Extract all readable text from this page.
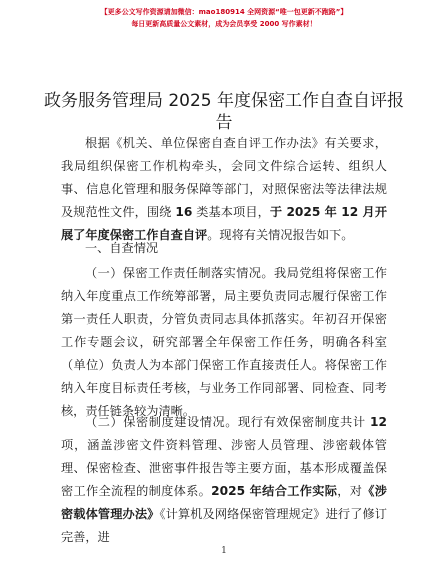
【更多公文写作资源请加微信：mao180914 全网资源“唯一包更新不跑路”】
每日更新高质量公文素材，成为会员享受 2000 写作素材！
政务服务管理局 2025 年度保密工作自查自评报告

根据《机关、单位保密自查自评工作办法》有关要求，我局组织保密工作机构牵头，会同文件综合运转、组织人事、信息化管理和服务保障等部门，对照保密法等法律法规及规范性文件，围绕 16 类基本项目，于 2025 年 12 月开展了年度保密工作自查自评。现将有关情况报告如下。

一、自查情况

（一）保密工作责任制落实情况。我局党组将保密工作纳入年度重点工作统筹部署，局主要负责同志履行保密工作第一责任人职责，分管负责同志具体抓落实。年初召开保密工作专题会议，研究部署全年保密工作任务，明确各科室（单位）负责人为本部门保密工作直接责任人。将保密工作纳入年度目标责任考核，与业务工作同部署、同检查、同考核，责任链条较为清晰。

（二）保密制度建设情况。现行有效保密制度共计 12 项，涵盖涉密文件资料管理、涉密人员管理、涉密载体管理、保密检查、泄密事件报告等主要方面，基本形成覆盖保密工作全流程的制度体系。2025 年结合工作实际，对《涉密载体管理办法》《计算机及网络保密管理规定》进行了修订完善，进

1
